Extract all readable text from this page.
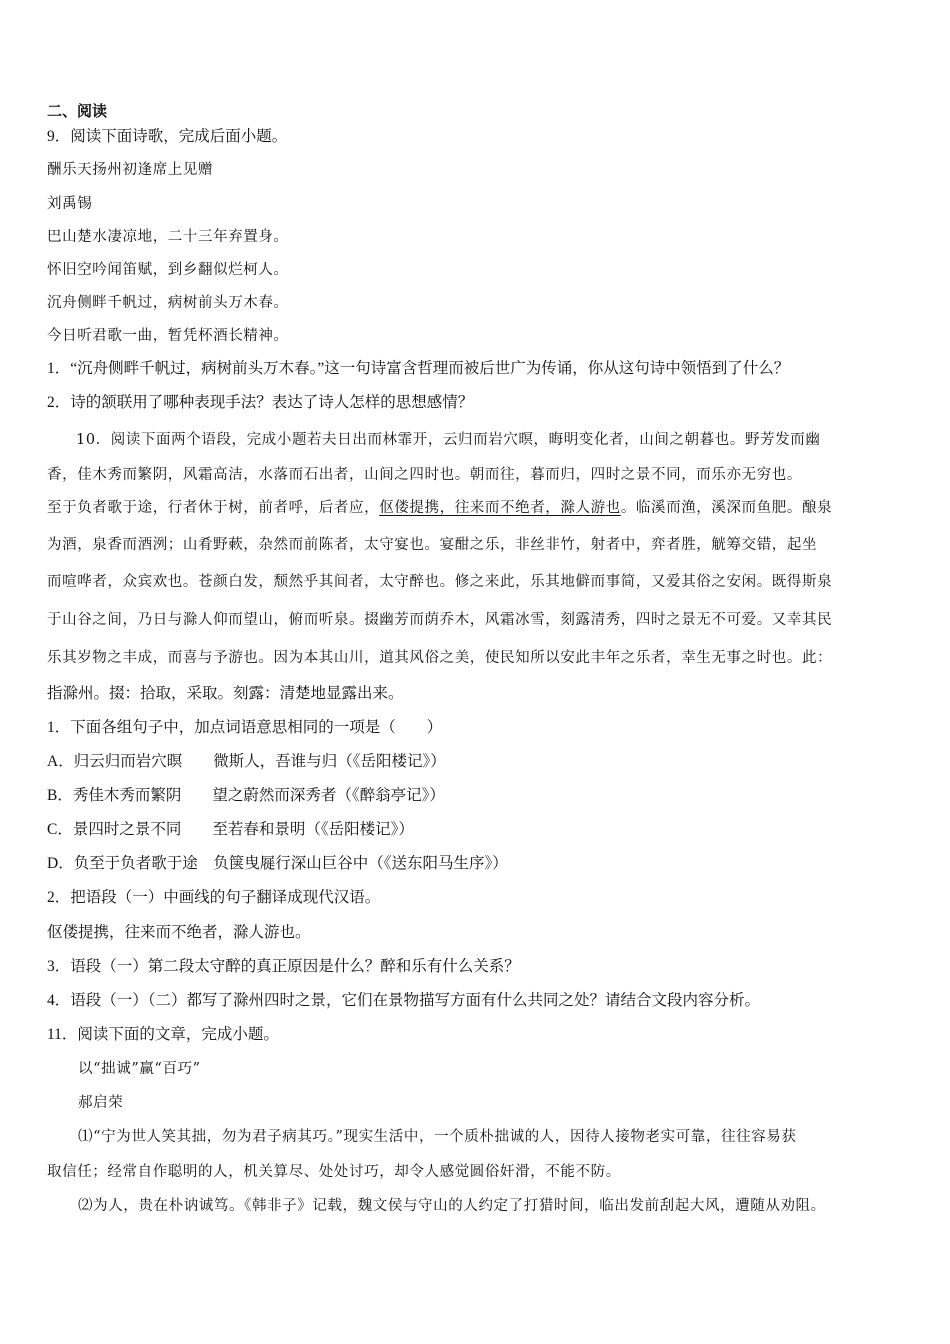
二、阅读
9．阅读下面诗歌，完成后面小题。
酬乐天扬州初逢席上见赠
刘禹锡
巴山楚水凄凉地，二十三年弃置身。
怀旧空吟闻笛赋，到乡翻似烂柯人。
沉舟侧畔千帆过，病树前头万木春。
今日听君歌一曲，暂凭杯酒长精神。
1．“沉舟侧畔千帆过，病树前头万木春。”这一句诗富含哲理而被后世广为传诵，你从这句诗中领悟到了什么？
2．诗的颔联用了哪种表现手法？表达了诗人怎样的思想感情？
10．阅读下面两个语段，完成小题若夫日出而林霏开，云归而岩穴暝，晦明变化者，山间之朝暮也。野芳发而幽
香，佳木秀而繁阴，风霜高洁，水落而石出者，山间之四时也。朝而往，暮而归，四时之景不同，而乐亦无穷也。
至于负者歌于途，行者休于树，前者呼，后者应，伛偻提携，往来而不绝者，滁人游也。临溪而渔，溪深而鱼肥。酿泉
为酒，泉香而酒洌；山肴野蔌，杂然而前陈者，太守宴也。宴酣之乐，非丝非竹，射者中，弈者胜，觥筹交错，起坐
而喧哗者，众宾欢也。苍颜白发，颓然乎其间者，太守醉也。修之来此，乐其地僻而事简，又爱其俗之安闲。既得斯泉
于山谷之间，乃日与滁人仰而望山，俯而听泉。掇幽芳而荫乔木，风霜冰雪，刻露清秀，四时之景无不可爱。又幸其民
乐其岁物之丰成，而喜与予游也。因为本其山川，道其风俗之美，使民知所以安此丰年之乐者，幸生无事之时也。此：
指滁州。掇：拾取，采取。刻露：清楚地显露出来。
1．下面各组句子中，加点词语意思相同的一项是（　　）
A．归云归而岩穴暝　　微斯人，吾谁与归（《岳阳楼记》）
B．秀佳木秀而繁阴　　望之蔚然而深秀者（《醉翁亭记》）
C．景四时之景不同　　至若春和景明（《岳阳楼记》）
D．负至于负者歌于途　负箧曳屣行深山巨谷中（《送东阳马生序》）
2．把语段（一）中画线的句子翻译成现代汉语。
伛偻提携，往来而不绝者，滁人游也。
3．语段（一）第二段太守醉的真正原因是什么？醉和乐有什么关系？
4．语段（一）（二）都写了滁州四时之景，它们在景物描写方面有什么共同之处？请结合文段内容分析。
11．阅读下面的文章，完成小题。
以“拙诚”赢“百巧”
郝启荣
⑴“宁为世人笑其拙，勿为君子病其巧。”现实生活中，一个质朴拙诚的人，因待人接物老实可靠，往往容易获
取信任；经常自作聪明的人，机关算尽、处处讨巧，却令人感觉圆俗奸滑，不能不防。
⑵为人，贵在朴讷诚笃。《韩非子》记载，魏文侯与守山的人约定了打猎时间，临出发前刮起大风，遭随从劝阻。
